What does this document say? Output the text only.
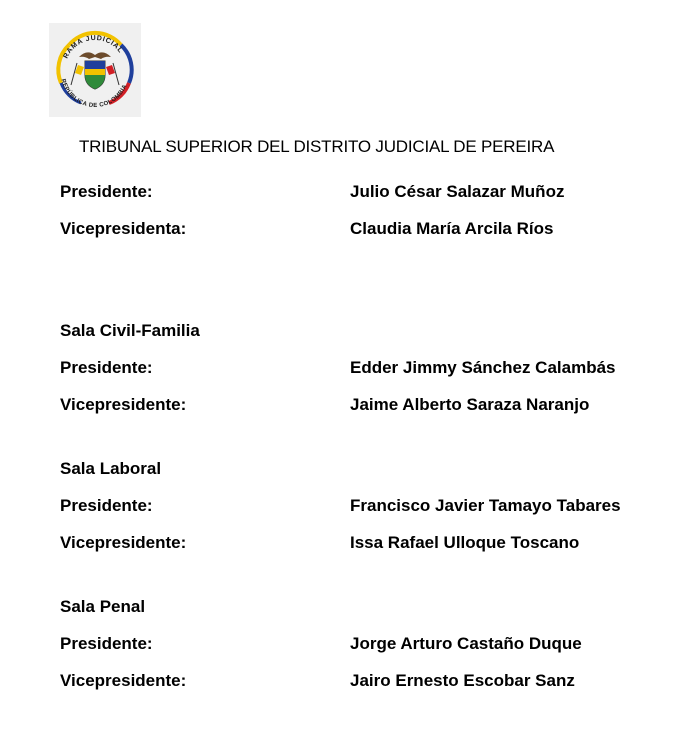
RAMA JUDICIAL
REPÚBLICA DE COLOMBIA
TRIBUNAL SUPERIOR DEL DISTRITO JUDICIAL DE PEREIRA
Presidente:	Julio César Salazar Muñoz
Vicepresidenta:	Claudia María Arcila Ríos
Sala Civil-Familia
Presidente:	Edder Jimmy Sánchez Calambás
Vicepresidente:	Jaime Alberto Saraza Naranjo
Sala Laboral
Presidente:	Francisco Javier Tamayo Tabares
Vicepresidente:	Issa Rafael Ulloque Toscano
Sala Penal
Presidente:	Jorge Arturo Castaño Duque
Vicepresidente:	Jairo Ernesto Escobar Sanz
